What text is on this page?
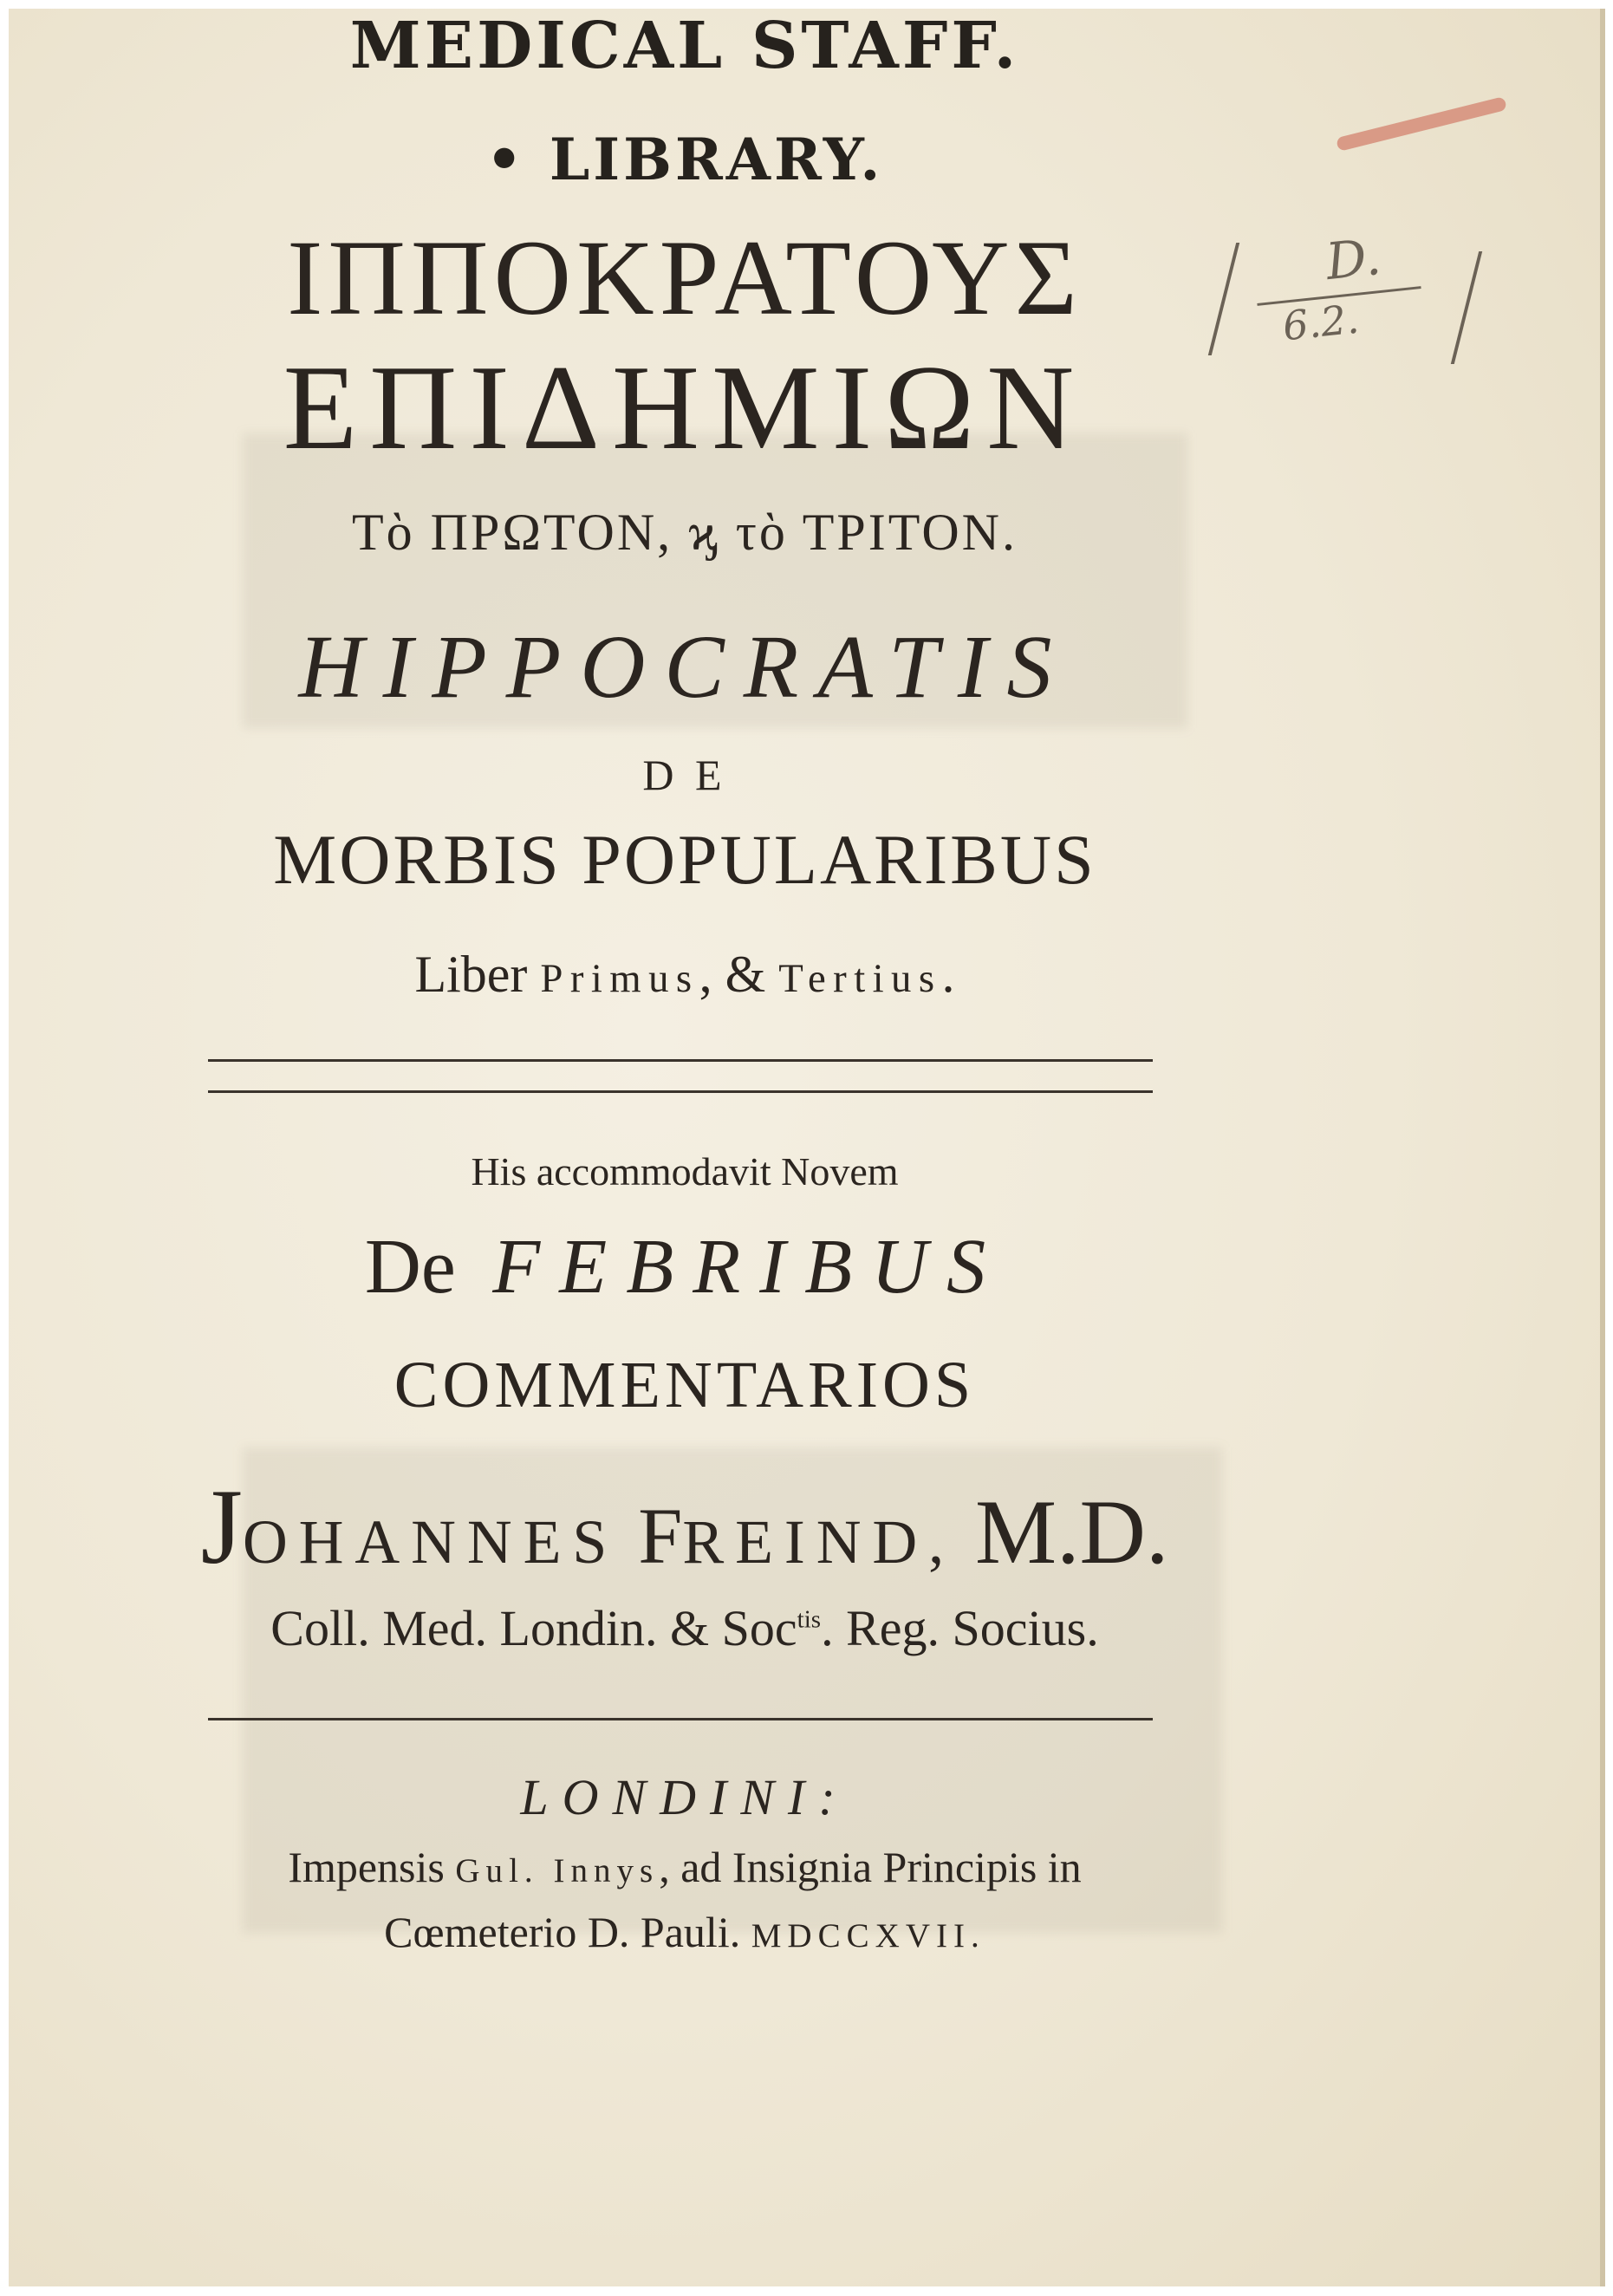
MEDICAL STAFF.
• LIBRARY.
ΙΠΠΟΚΡΑΤΟΥΣ
ΕΠΙΔΗΜΙΩΝ
Τὸ ΠΡΩΤΟΝ, ϗ τὸ ΤΡΙΤΟΝ.
HIPPOCRATIS
D E
MORBIS POPULARIBUS
Liber Primus, & Tertius.
His accommodavit Novem
De FEBRIBUS
COMMENTARIOS
JOHANNES FREIND, M.D.
Coll. Med. Londin. & Soc$^{tis}$. Reg. Socius.
LONDINI:
Impensis Gul. Innys, ad Insignia Principis in
Cœmeterio D. Pauli. MDCCXVII.
D.
6.2.
